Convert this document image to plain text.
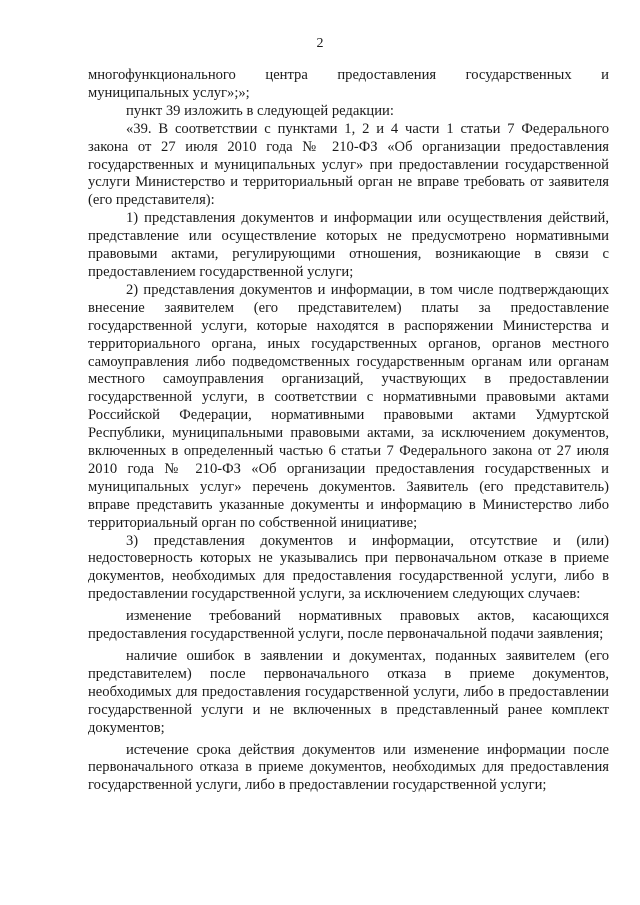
2

многофункционального центра предоставления государственных и муниципальных услуг»;»;

пункт 39 изложить в следующей редакции:

«39. В соответствии с пунктами 1, 2 и 4 части 1 статьи 7 Федерального закона от 27 июля 2010 года № 210-ФЗ «Об организации предоставления государственных и муниципальных услуг» при предоставлении государственной услуги Министерство и территориальный орган не вправе требовать от заявителя (его представителя):

1) представления документов и информации или осуществления действий, представление или осуществление которых не предусмотрено нормативными правовыми актами, регулирующими отношения, возникающие в связи с предоставлением государственной услуги;

2) представления документов и информации, в том числе подтверждающих внесение заявителем (его представителем) платы за предоставление государственной услуги, которые находятся в распоряжении Министерства и территориального органа, иных государственных органов, органов местного самоуправления либо подведомственных государственным органам или органам местного самоуправления организаций, участвующих в предоставлении государственной услуги, в соответствии с нормативными правовыми актами Российской Федерации, нормативными правовыми актами Удмуртской Республики, муниципальными правовыми актами, за исключением документов, включенных в определенный частью 6 статьи 7 Федерального закона от 27 июля 2010 года № 210-ФЗ «Об организации предоставления государственных и муниципальных услуг» перечень документов. Заявитель (его представитель) вправе представить указанные документы и информацию в Министерство либо территориальный орган по собственной инициативе;

3) представления документов и информации, отсутствие и (или) недостоверность которых не указывались при первоначальном отказе в приеме документов, необходимых для предоставления государственной услуги, либо в предоставлении государственной услуги, за исключением следующих случаев:

изменение требований нормативных правовых актов, касающихся предоставления государственной услуги, после первоначальной подачи заявления;

наличие ошибок в заявлении и документах, поданных заявителем (его представителем) после первоначального отказа в приеме документов, необходимых для предоставления государственной услуги, либо в предоставлении государственной услуги и не включенных в представленный ранее комплект документов;

истечение срока действия документов или изменение информации после первоначального отказа в приеме документов, необходимых для предоставления государственной услуги, либо в предоставлении государственной услуги;
